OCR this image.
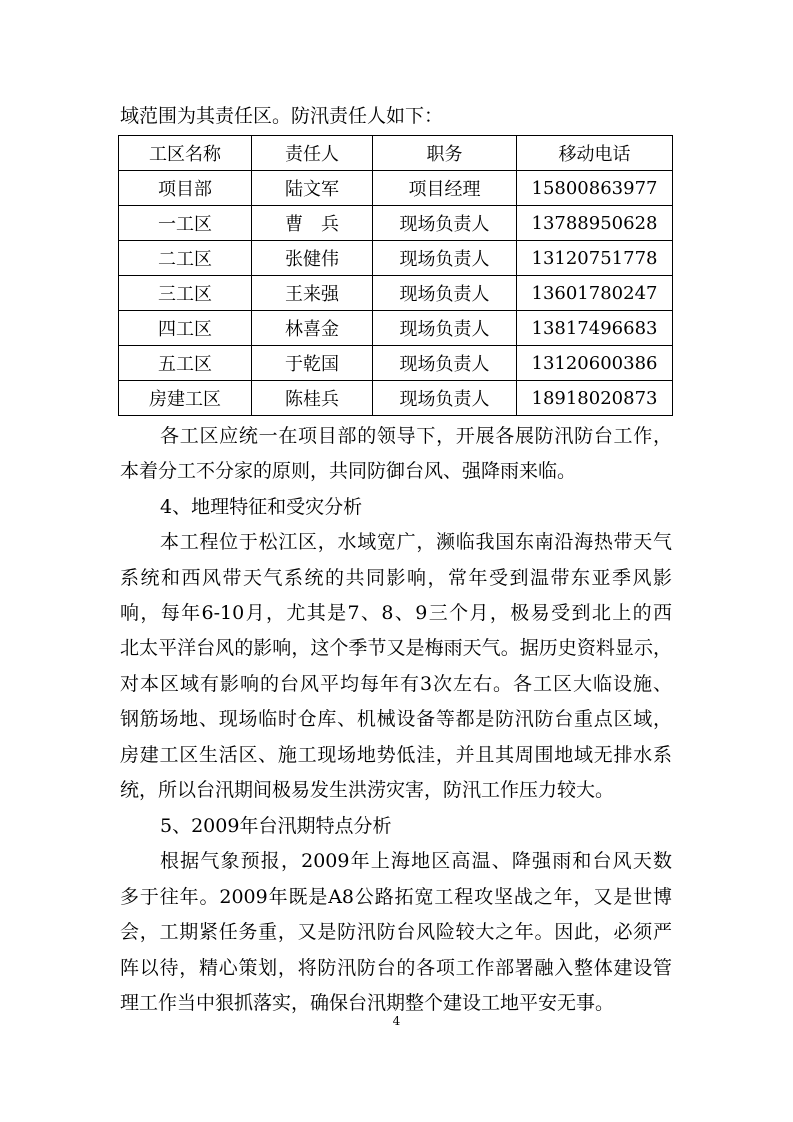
域范围为其责任区。防汛责任人如下：
工区名称	责任人	职务	移动电话
项目部	陆文军	项目经理	15800863977
一工区	曹　兵	现场负责人	13788950628
二工区	张健伟	现场负责人	13120751778
三工区	王来强	现场负责人	13601780247
四工区	林喜金	现场负责人	13817496683
五工区	于乾国	现场负责人	13120600386
房建工区	陈桂兵	现场负责人	18918020873
各工区应统一在项目部的领导下，开展各展防汛防台工作，
本着分工不分家的原则，共同防御台风、强降雨来临。
4、地理特征和受灾分析
本工程位于松江区，水域宽广，濒临我国东南沿海热带天气
系统和西风带天气系统的共同影响，常年受到温带东亚季风影
响，每年6-10月，尤其是7、8、9三个月，极易受到北上的西
北太平洋台风的影响，这个季节又是梅雨天气。据历史资料显示，
对本区域有影响的台风平均每年有3次左右。各工区大临设施、
钢筋场地、现场临时仓库、机械设备等都是防汛防台重点区域，
房建工区生活区、施工现场地势低洼，并且其周围地域无排水系
统，所以台汛期间极易发生洪涝灾害，防汛工作压力较大。
5、2009年台汛期特点分析
根据气象预报，2009年上海地区高温、降强雨和台风天数
多于往年。2009年既是A8公路拓宽工程攻坚战之年，又是世博
会，工期紧任务重，又是防汛防台风险较大之年。因此，必须严
阵以待，精心策划，将防汛防台的各项工作部署融入整体建设管
理工作当中狠抓落实，确保台汛期整个建设工地平安无事。
4
